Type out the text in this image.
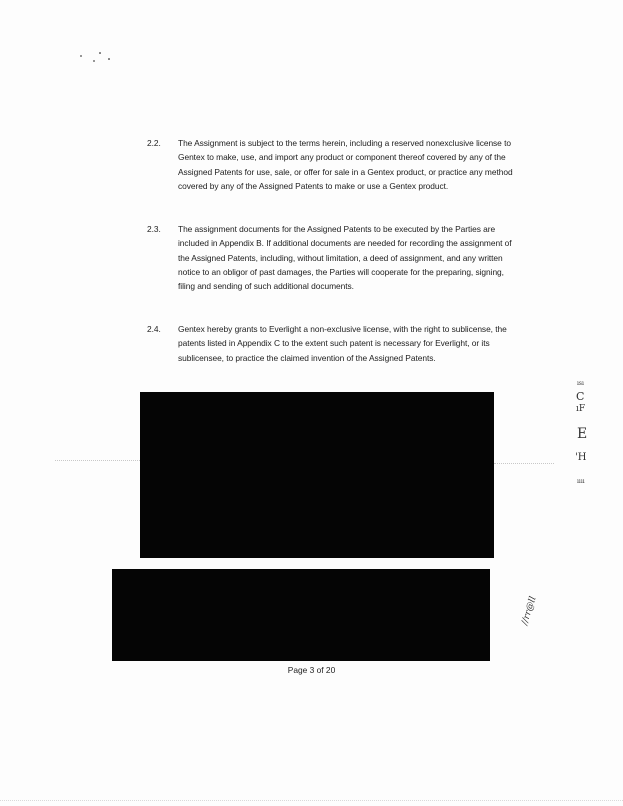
2.2.	The Assignment is subject to the terms herein, including a reserved nonexclusive license to Gentex to make, use, and import any product or component thereof covered by any of the Assigned Patents for use, sale, or offer for sale in a Gentex product, or practice any method covered by any of the Assigned Patents to make or use a Gentex product.
2.3.	The assignment documents for the Assigned Patents to be executed by the Parties are included in Appendix B. If additional documents are needed for recording the assignment of the Assigned Patents, including, without limitation, a deed of assignment, and any written notice to an obligor of past damages, the Parties will cooperate for the preparing, signing, filing and sending of such additional documents.
2.4.	Gentex hereby grants to Everlight a non-exclusive license, with the right to sublicense, the patents listed in Appendix C to the extent such patent is necessary for Everlight, or its sublicensee, to practice the claimed invention of the Assigned Patents.
Page 3 of 20
ısı
C
ıF
E
'H
ıııı
//rr@ll
